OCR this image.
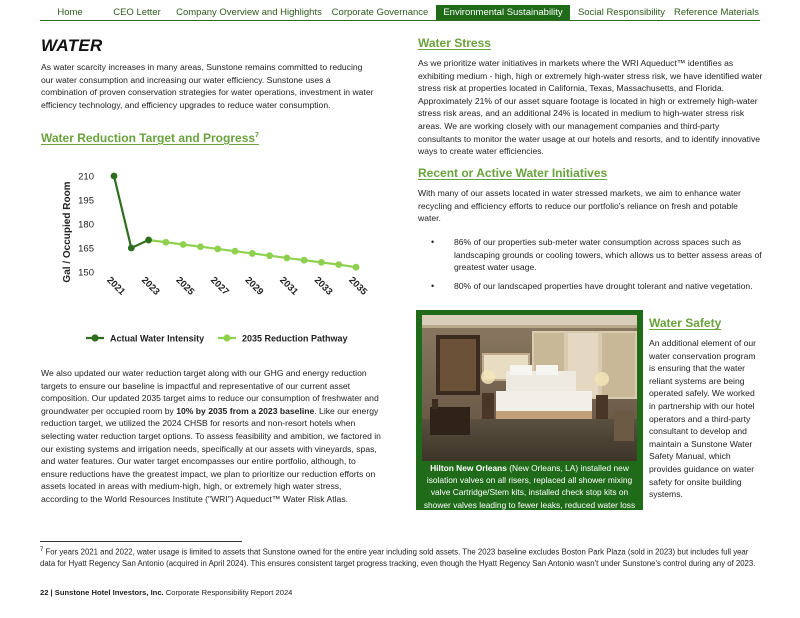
Home	CEO Letter	Company Overview and Highlights	Corporate Governance	Environmental Sustainability	Social Responsibility Reference Materials
WATER
As water scarcity increases in many areas, Sunstone remains committed to reducing our water consumption and increasing our water efficiency. Sunstone uses a combination of proven conservation strategies for water operations, investment in water efficiency technology, and efficiency upgrades to reduce water consumption.
Water Reduction Target and Progress$^7$
Gal / Occupied Room
210
195
180
165
150
2021 2023 2025 2027 2029 2031 2033 2035
Actual Water Intensity	2035 Reduction Pathway
We also updated our water reduction target along with our GHG and energy reduction targets to ensure our baseline is impactful and representative of our current asset composition. Our updated 2035 target aims to reduce our consumption of freshwater and groundwater per occupied room by 10% by 2035 from a 2023 baseline. Like our energy reduction target, we utilized the 2024 CHSB for resorts and non-resort hotels when selecting water reduction target options. To assess feasibility and ambition, we factored in our existing systems and irrigation needs, specifically at our assets with vineyards, spas, and water features. Our water target encompasses our entire portfolio, although, to ensure reductions have the greatest impact, we plan to prioritize our reduction efforts on assets located in areas with medium-high, high, or extremely high water stress, according to the World Resources Institute ("WRI") Aqueduct™ Water Risk Atlas.
Water Stress
As we prioritize water initiatives in markets where the WRI Aqueduct™ identifies as exhibiting medium - high, high or extremely high-water stress risk, we have identified water stress risk at properties located in California, Texas, Massachusetts, and Florida. Approximately 21% of our asset square footage is located in high or extremely high-water stress risk areas, and an additional 24% is located in medium to high-water stress risk areas. We are working closely with our management companies and third-party consultants to monitor the water usage at our hotels and resorts, and to identify innovative ways to create water efficiencies.
Recent or Active Water Initiatives
With many of our assets located in water stressed markets, we aim to enhance water recycling and efficiency efforts to reduce our portfolio's reliance on fresh and potable water.
• 86% of our properties sub-meter water consumption across spaces such as landscaping grounds or cooling towers, which allows us to better assess areas of greatest water usage.
• 80% of our landscaped properties have drought tolerant and native vegetation.
Hilton New Orleans (New Orleans, LA) installed new isolation valves on all risers, replaced all shower mixing valve Cartridge/Stem kits, installed check stop kits on shower valves leading to fewer leaks, reduced water loss from dripping, and reduced electricity usage for heating and cooling water.
Water Safety
An additional element of our water conservation program is ensuring that the water reliant systems are being operated safely. We worked in partnership with our hotel operators and a third-party consultant to develop and maintain a Sunstone Water Safety Manual, which provides guidance on water safety for onsite building systems.
$^7$ For years 2021 and 2022, water usage is limited to assets that Sunstone owned for the entire year including sold assets. The 2023 baseline excludes Boston Park Plaza (sold in 2023) but includes full year data for Hyatt Regency San Antonio (acquired in April 2024). This ensures consistent target progress tracking, even though the Hyatt Regency San Antonio wasn't under Sunstone's control during any of 2023.
22 | Sunstone Hotel Investors, Inc. Corporate Responsibility Report 2024
